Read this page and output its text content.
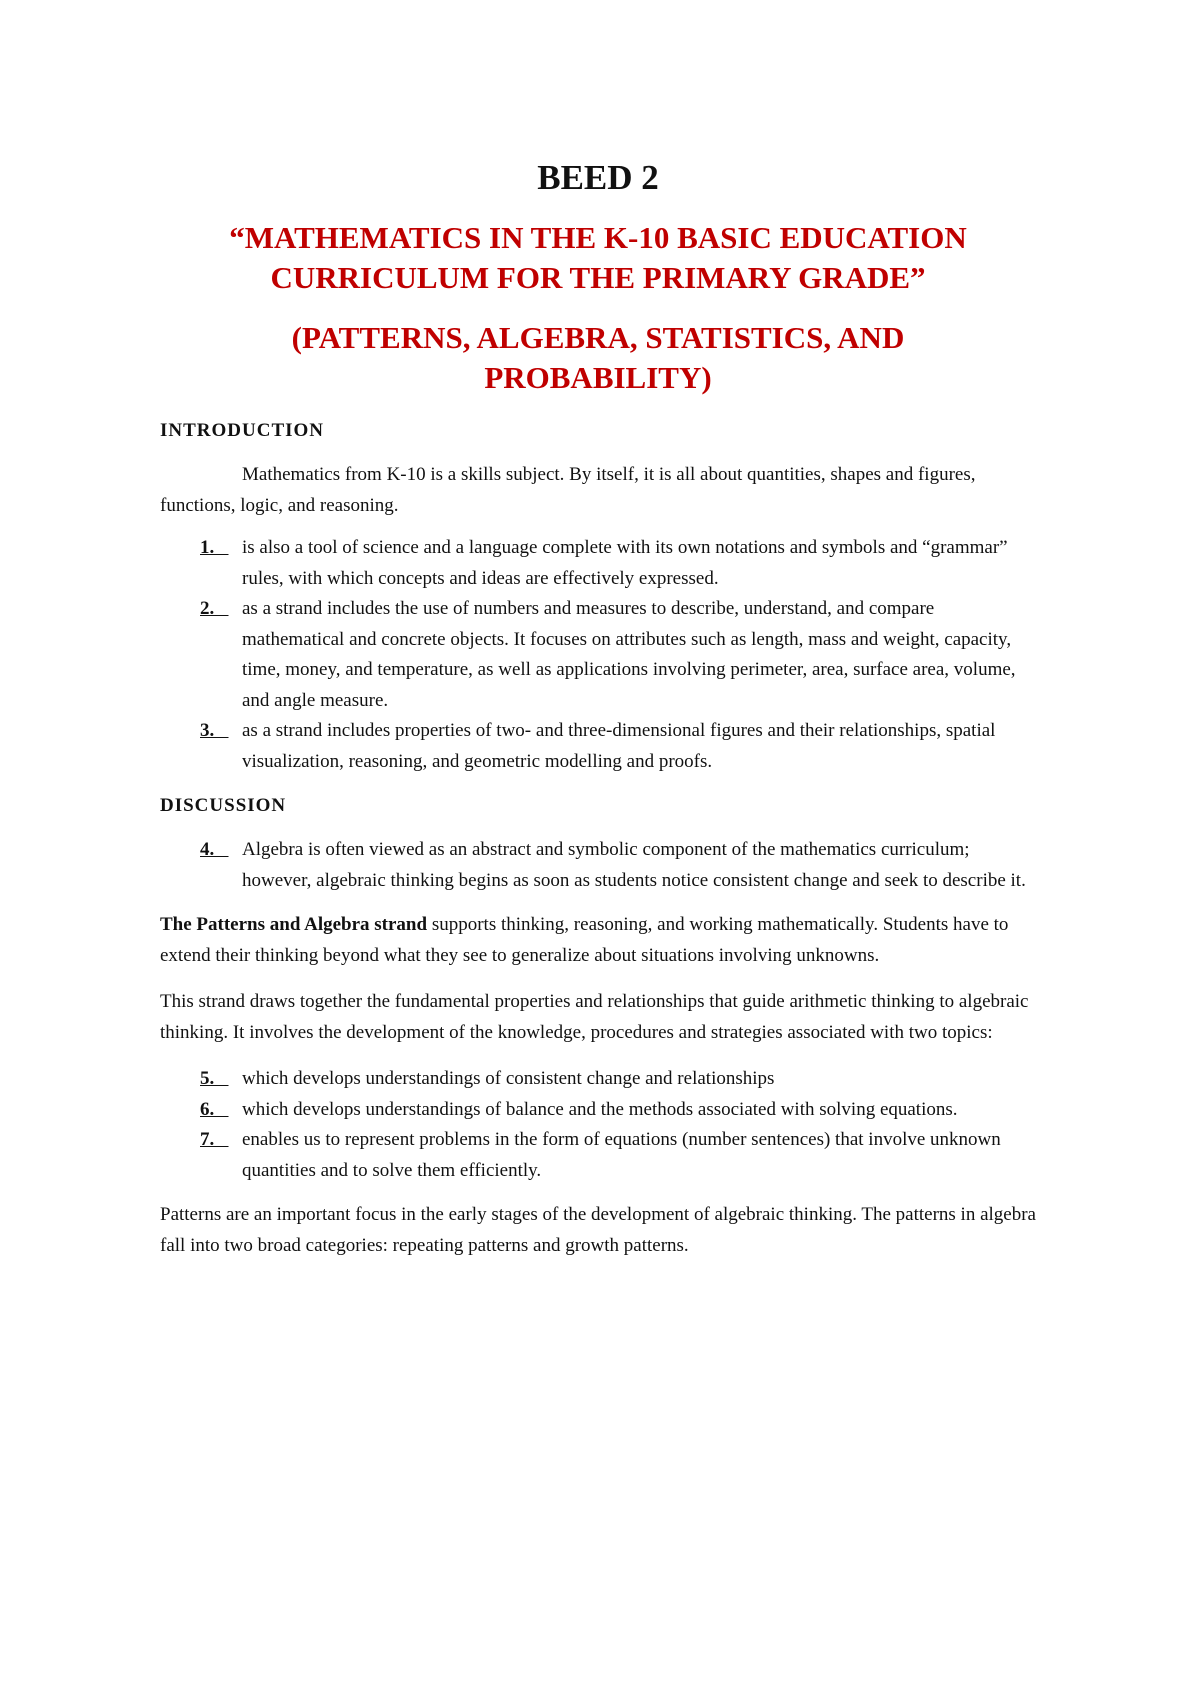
BEED 2
“MATHEMATICS IN THE K-10 BASIC EDUCATION
CURRICULUM FOR THE PRIMARY GRADE”
(PATTERNS, ALGEBRA, STATISTICS, AND
PROBABILITY)
INTRODUCTION

Mathematics from K-10 is a skills subject. By itself, it is all about quantities, shapes and figures, functions, logic, and reasoning.

1. is also a tool of science and a language complete with its own notations and symbols and “grammar” rules, with which concepts and ideas are effectively expressed.
2. as a strand includes the use of numbers and measures to describe, understand, and compare mathematical and concrete objects. It focuses on attributes such as length, mass and weight, capacity, time, money, and temperature, as well as applications involving perimeter, area, surface area, volume, and angle measure.
3. as a strand includes properties of two- and three-dimensional figures and their relationships, spatial visualization, reasoning, and geometric modelling and proofs.
DISCUSSION
4. Algebra is often viewed as an abstract and symbolic component of the mathematics curriculum; however, algebraic thinking begins as soon as students notice consistent change and seek to describe it.

The Patterns and Algebra strand supports thinking, reasoning, and working mathematically. Students have to extend their thinking beyond what they see to generalize about situations involving unknowns.

This strand draws together the fundamental properties and relationships that guide arithmetic thinking to algebraic thinking. It involves the development of the knowledge, procedures and strategies associated with two topics:

5. which develops understandings of consistent change and relationships
6. which develops understandings of balance and the methods associated with solving equations.
7. enables us to represent problems in the form of equations (number sentences) that involve unknown quantities and to solve them efficiently.

Patterns are an important focus in the early stages of the development of algebraic thinking. The patterns in algebra fall into two broad categories: repeating patterns and growth patterns.
